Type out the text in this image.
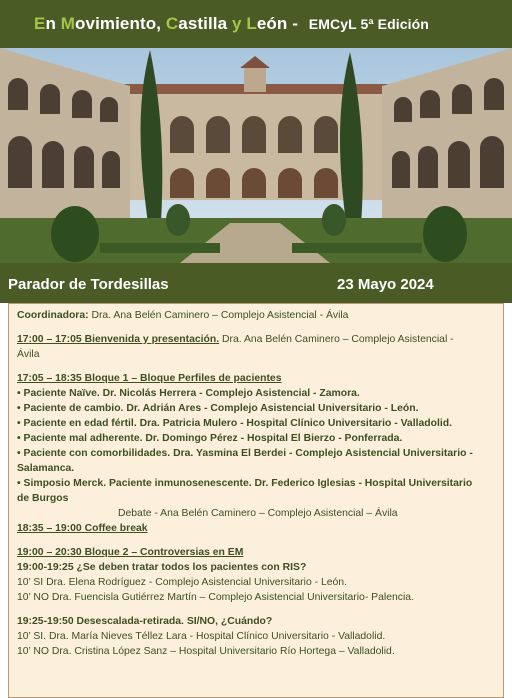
En Movimiento, Castilla y León - EMCyL 5ª Edición
Parador de Tordesillas	23 Mayo 2024
Coordinadora: Dra. Ana Belén Caminero – Complejo Asistencial - Ávila
17:00 – 17:05 Bienvenida y presentación. Dra. Ana Belén Caminero – Complejo Asistencial -
Ávila
17:05 – 18:35 Bloque 1 – Bloque Perfiles de pacientes
• Paciente Naïve. Dr. Nicolás Herrera - Complejo Asistencial - Zamora.
• Paciente de cambio. Dr. Adrián Ares - Complejo Asistencial Universitario - León.
• Paciente en edad fértil. Dra. Patricia Mulero - Hospital Clínico Universitario - Valladolid.
• Paciente mal adherente. Dr. Domingo Pérez - Hospital El Bierzo - Ponferrada.
• Paciente con comorbilidades. Dra. Yasmina El Berdei - Complejo Asistencial Universitario -
Salamanca.
• Simposio Merck. Paciente inmunosenescente. Dr. Federico Iglesias - Hospital Universitario
de Burgos
Debate - Ana Belén Caminero – Complejo Asistencial – Ávila
18:35 – 19:00 Coffee break
19:00 – 20:30 Bloque 2 – Controversias en EM
19:00-19:25 ¿Se deben tratar todos los pacientes con RIS?
10’ SI Dra. Elena Rodríguez - Complejo Asistencial Universitario - León.
10’ NO Dra. Fuencisla Gutiérrez Martín – Complejo Asistencial Universitario- Palencia.
19:25-19:50 Desescalada-retirada. SI/NO, ¿Cuándo?
10’ SI. Dra. María Nieves Téllez Lara - Hospital Clínico Universitario - Valladolid.
10’ NO Dra. Cristina López Sanz – Hospital Universitario Río Hortega – Valladolid.
